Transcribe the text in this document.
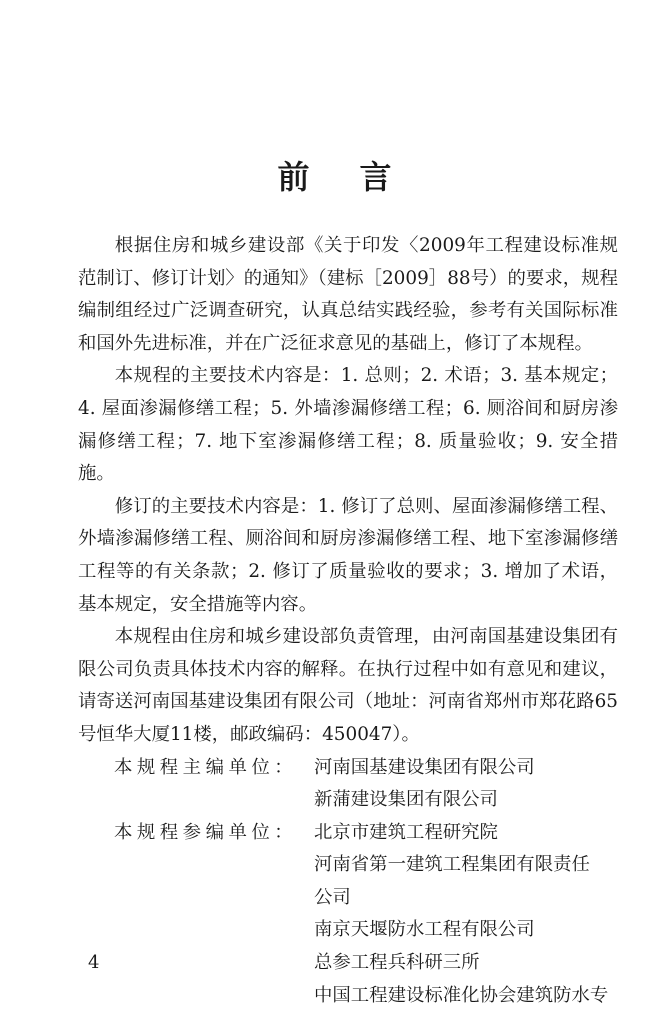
前 言

根据住房和城乡建设部《关于印发〈2009年工程建设标准规范制订、修订计划〉的通知》（建标［2009］88号）的要求，规程编制组经过广泛调查研究，认真总结实践经验，参考有关国际标准和国外先进标准，并在广泛征求意见的基础上，修订了本规程。

本规程的主要技术内容是：1. 总则；2. 术语；3. 基本规定；4. 屋面渗漏修缮工程；5. 外墙渗漏修缮工程；6. 厕浴间和厨房渗漏修缮工程；7. 地下室渗漏修缮工程；8. 质量验收；9. 安全措施。

修订的主要技术内容是：1. 修订了总则、屋面渗漏修缮工程、外墙渗漏修缮工程、厕浴间和厨房渗漏修缮工程、地下室渗漏修缮工程等的有关条款；2. 修订了质量验收的要求；3. 增加了术语，基本规定，安全措施等内容。

本规程由住房和城乡建设部负责管理，由河南国基建设集团有限公司负责具体技术内容的解释。在执行过程中如有意见和建议，请寄送河南国基建设集团有限公司（地址：河南省郑州市郑花路65号恒华大厦11楼，邮政编码：450047）。

本规程主编单位： 河南国基建设集团有限公司
新蒲建设集团有限公司
本规程参编单位： 北京市建筑工程研究院
河南省第一建筑工程集团有限责任
公司
南京天堰防水工程有限公司
总参工程兵科研三所
中国工程建设标准化协会建筑防水专
4
